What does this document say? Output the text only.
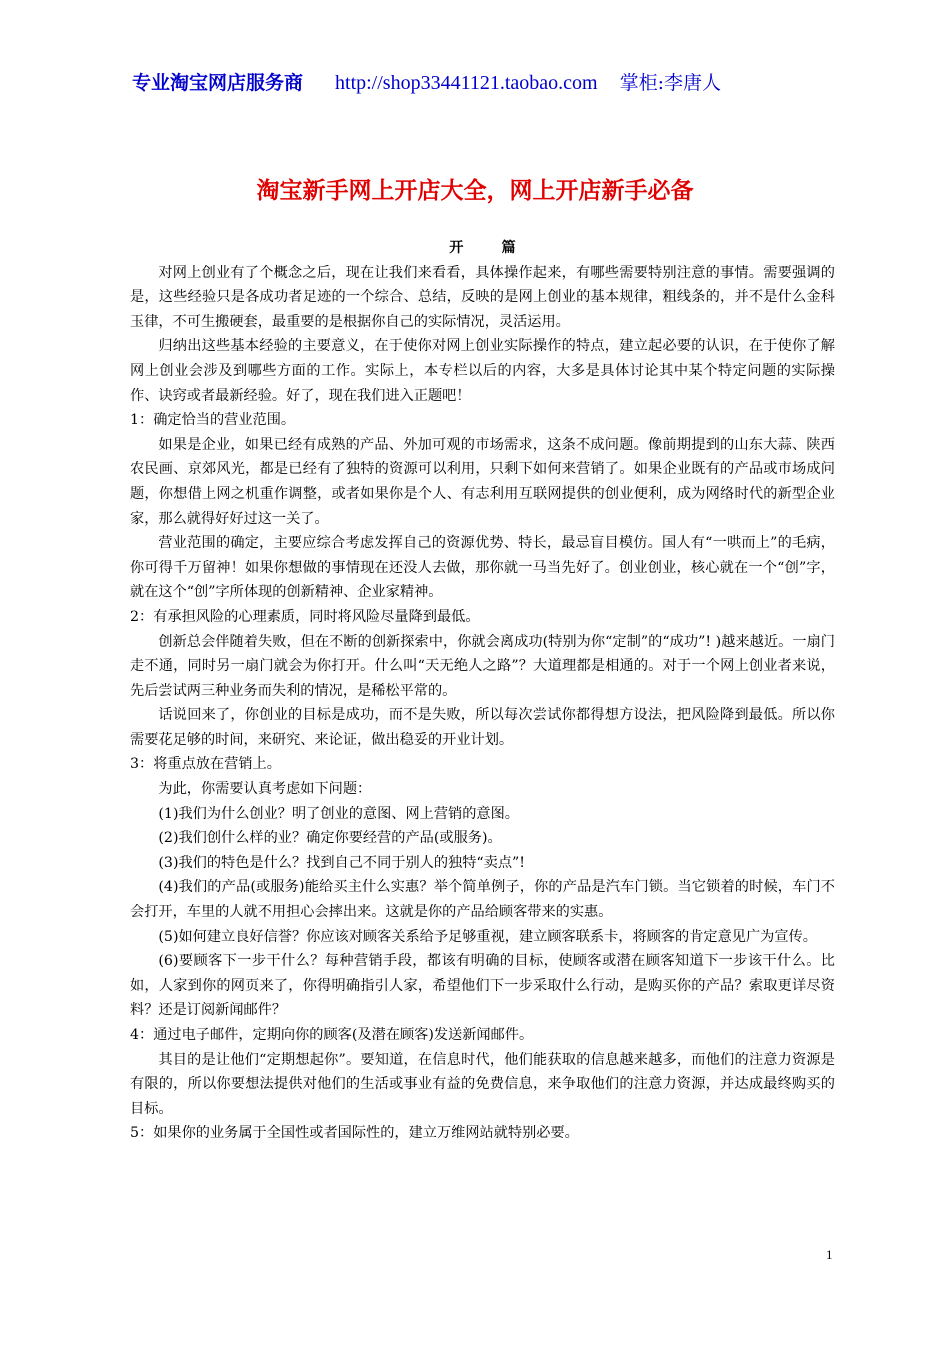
专业淘宝网店服务商 http://shop33441121.taobao.com 掌柜:李唐人
淘宝新手网上开店大全，网上开店新手必备

开篇

对网上创业有了个概念之后，现在让我们来看看，具体操作起来，有哪些需要特别注意的事情。需要强调的是，这些经验只是各成功者足迹的一个综合、总结，反映的是网上创业的基本规律，粗线条的，并不是什么金科玉律，不可生搬硬套，最重要的是根据你自己的实际情况，灵活运用。

归纳出这些基本经验的主要意义，在于使你对网上创业实际操作的特点，建立起必要的认识，在于使你了解网上创业会涉及到哪些方面的工作。实际上，本专栏以后的内容，大多是具体讨论其中某个特定问题的实际操作、诀窍或者最新经验。好了，现在我们进入正题吧！

1：确定恰当的营业范围。

如果是企业，如果已经有成熟的产品、外加可观的市场需求，这条不成问题。像前期提到的山东大蒜、陕西农民画、京郊风光，都是已经有了独特的资源可以利用，只剩下如何来营销了。如果企业既有的产品或市场成问题，你想借上网之机重作调整，或者如果你是个人、有志利用互联网提供的创业便利，成为网络时代的新型企业家，那么就得好好过这一关了。

营业范围的确定，主要应综合考虑发挥自己的资源优势、特长，最忌盲目模仿。国人有“一哄而上”的毛病，你可得千万留神！如果你想做的事情现在还没人去做，那你就一马当先好了。创业创业，核心就在一个“创”字，就在这个“创”字所体现的创新精神、企业家精神。

2：有承担风险的心理素质，同时将风险尽量降到最低。

创新总会伴随着失败，但在不断的创新探索中，你就会离成功(特别为你“定制”的“成功”! )越来越近。一扇门走不通，同时另一扇门就会为你打开。什么叫“天无绝人之路”？大道理都是相通的。对于一个网上创业者来说，先后尝试两三种业务而失利的情况，是稀松平常的。

话说回来了，你创业的目标是成功，而不是失败，所以每次尝试你都得想方设法，把风险降到最低。所以你需要花足够的时间，来研究、来论证，做出稳妥的开业计划。

3：将重点放在营销上。

为此，你需要认真考虑如下问题：

(1)我们为什么创业？明了创业的意图、网上营销的意图。

(2)我们创什么样的业？确定你要经营的产品(或服务)。

(3)我们的特色是什么？找到自己不同于别人的独特“卖点”!

(4)我们的产品(或服务)能给买主什么实惠？举个简单例子，你的产品是汽车门锁。当它锁着的时候，车门不会打开，车里的人就不用担心会摔出来。这就是你的产品给顾客带来的实惠。

(5)如何建立良好信誉？你应该对顾客关系给予足够重视，建立顾客联系卡，将顾客的肯定意见广为宣传。

(6)要顾客下一步干什么？每种营销手段，都该有明确的目标，使顾客或潜在顾客知道下一步该干什么。比如，人家到你的网页来了，你得明确指引人家，希望他们下一步采取什么行动，是购买你的产品？索取更详尽资料？还是订阅新闻邮件？

4：通过电子邮件，定期向你的顾客(及潜在顾客)发送新闻邮件。

其目的是让他们“定期想起你”。要知道，在信息时代，他们能获取的信息越来越多，而他们的注意力资源是有限的，所以你要想法提供对他们的生活或事业有益的免费信息，来争取他们的注意力资源，并达成最终购买的目标。

5：如果你的业务属于全国性或者国际性的，建立万维网站就特别必要。

1
